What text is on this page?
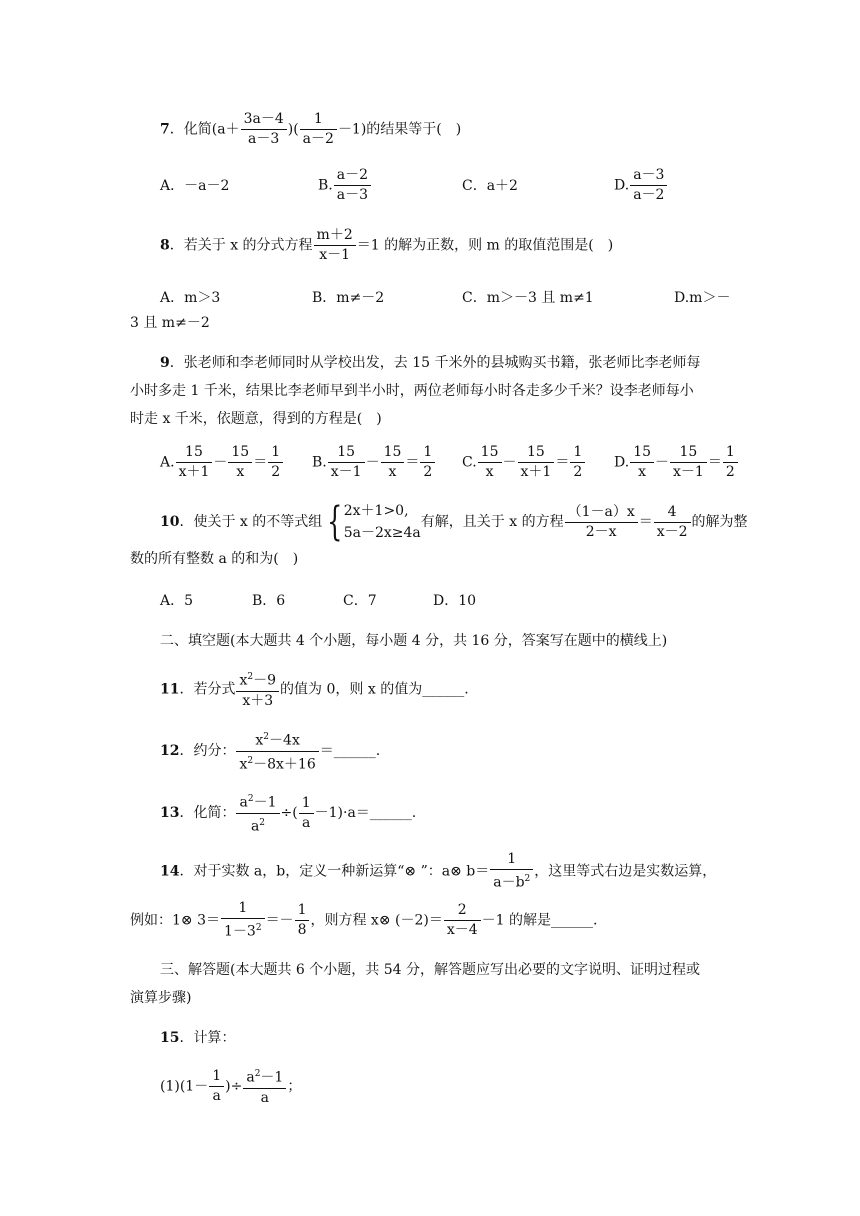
7．化简($a+ \frac{3a-4}{a-3}$ )( $\frac{1}{a-2} -1$)的结果等于(　)
A．－a－2	B. $\frac{a-2}{a-3}$	C．a＋2	D. $\frac{a-3}{a-2}$
8．若关于 x 的分式方程 $\frac{m+2}{x-1} =1$ 的解为正数，则 m 的取值范围是(　)
A．m＞3	B．m≠－2	C．m＞－3 且 m≠1	D.m＞－
3 且 m≠－2
9．张老师和李老师同时从学校出发，去 15 千米外的县城购买书籍，张老师比李老师每
小时多走 1 千米，结果比李老师早到半小时，两位老师每小时各走多少千米？设李老师每小
时走 x 千米，依题意，得到的方程是(　)
A. $\frac{15}{x+1} - \frac{15}{x} = \frac{1}{2} B$. $\frac{15}{x-1} - \frac{15}{x} = \frac{1}{2} C$. $\frac{15}{x} - \frac{15}{x+1} = \frac{1}{2} D$. $\frac{15}{x} - \frac{15}{x-1} = \frac{1}{2}$
10．使关于 x 的不等式组 { 2x＋1>0,
5a－2x≥4a
有解，且关于 x 的方程 $\frac{(1-a)x}{2-x} = \frac{4}{x-2}$ 的解为整
数的所有整数 a 的和为(　)
A．5	B．6	C．7	D．10
二、填空题(本大题共 4 个小题，每小题 4 分，共 16 分，答案写在题中的横线上)
11．若分式 $\frac{x^2-9}{x+3}$ 的值为 0，则 x 的值为______.
12．约分： $\frac{x^2-4x}{x^2-8x+16}$ ＝______.
13．化简： $\frac{a^2-1}{a^2}$ ÷( $\frac{1}{a}$ －1)·a＝______.
14．对于实数 a，b，定义一种新运算“⊗ ”：a⊗ $b= \frac{1}{a-b^2}$ ，这里等式右边是实数运算，
例如：1⊗ $3= \frac{1}{1-3^2} =- \frac{1}{8}$ ，则方程 x⊗ $(-2)= \frac{2}{x-4} -1$ 的解是______.
三、解答题(本大题共 6 个小题，共 54 分，解答题应写出必要的文字说明、证明过程或
演算步骤)
15．计算：
$(1)(1- \frac{1}{a}$ )÷ $\frac{a^2-1}{a}$ ；
